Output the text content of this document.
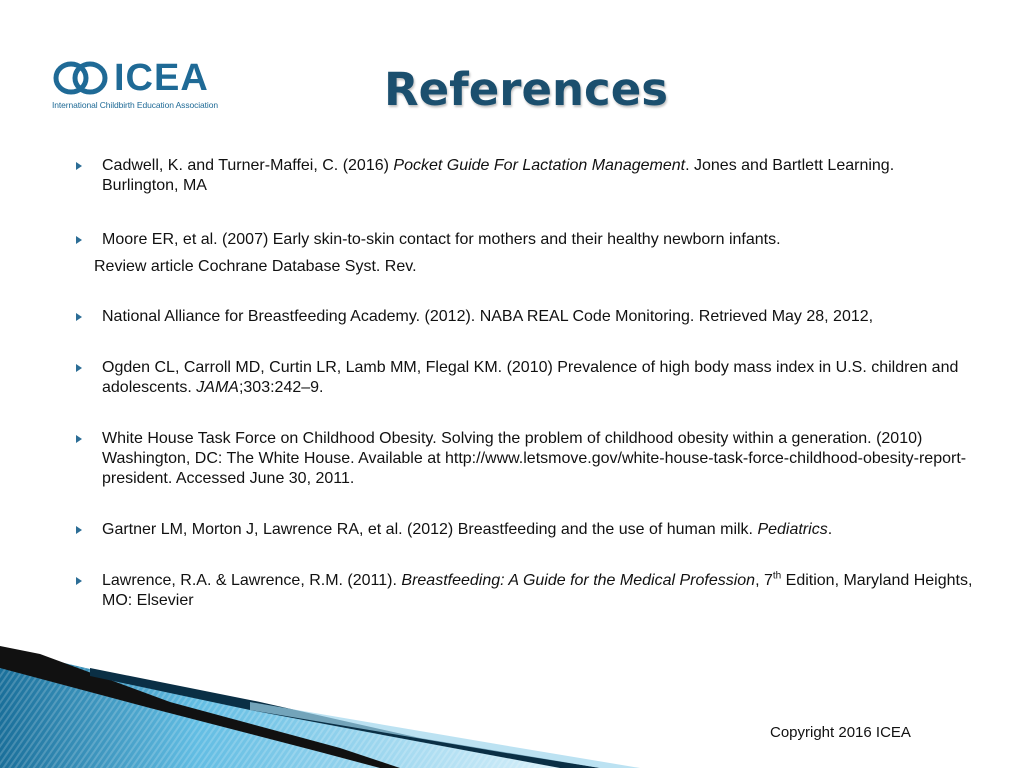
ICEA
International Childbirth Education Association	References
Cadwell, K. and Turner-Maffei, C. (2016) Pocket Guide For Lactation Management. Jones and Bartlett Learning. Burlington, MA
Moore ER, et al. (2007) Early skin-to-skin contact for mothers and their healthy newborn infants.
Review article Cochrane Database Syst. Rev.
National Alliance for Breastfeeding Academy. (2012). NABA REAL Code Monitoring. Retrieved May 28, 2012,
Ogden CL, Carroll MD, Curtin LR, Lamb MM, Flegal KM. (2010) Prevalence of high body mass index in U.S. children and adolescents. JAMA;303:242–9.
White House Task Force on Childhood Obesity. Solving the problem of childhood obesity within a generation. (2010) Washington, DC: The White House. Available at http://www.letsmove.gov/white-house-task-force-childhood-obesity-report-president. Accessed June 30, 2011.
Gartner LM, Morton J, Lawrence RA, et al. (2012) Breastfeeding and the use of human milk. Pediatrics.
Lawrence, R.A. & Lawrence, R.M. (2011). Breastfeeding: A Guide for the Medical Profession, 7th Edition, Maryland Heights, MO: Elsevier
Copyright 2016 ICEA
